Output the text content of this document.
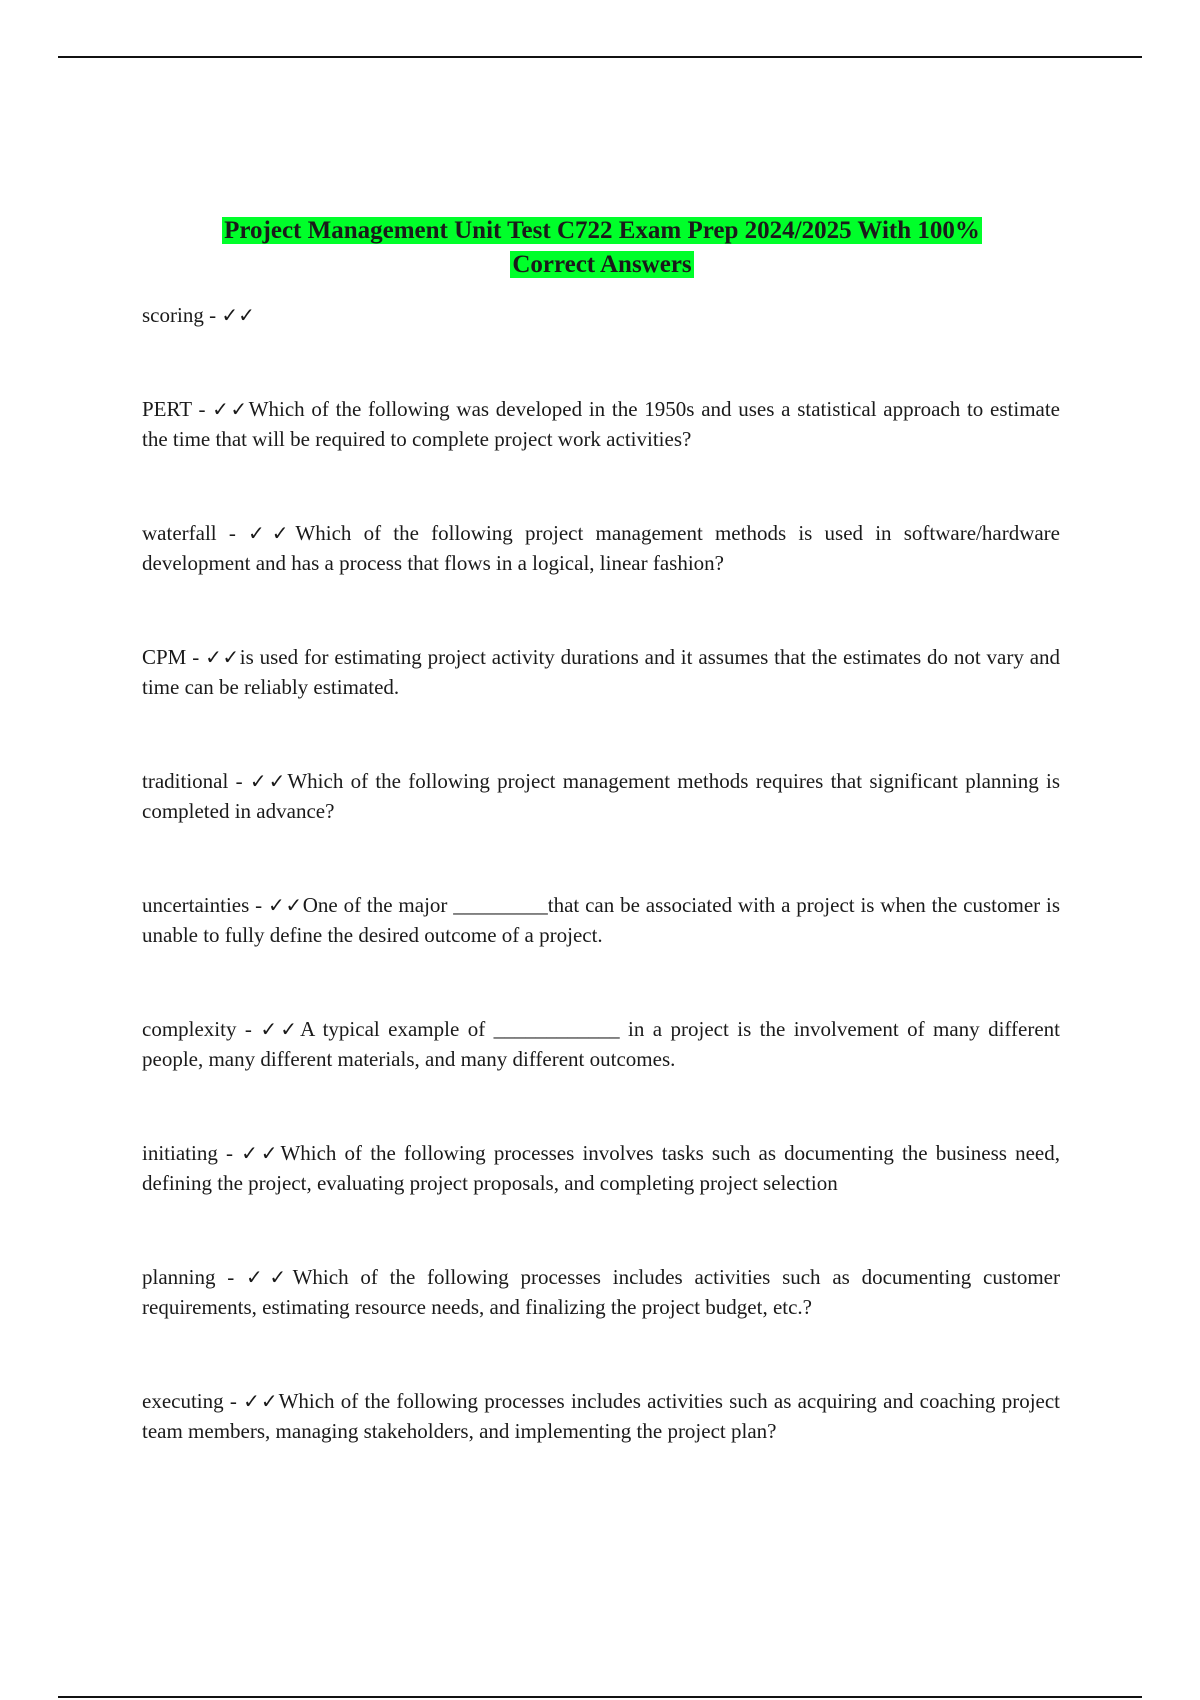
Project Management Unit Test C722 Exam Prep 2024/2025 With 100%
Correct Answers
scoring - ✓✓
PERT - ✓✓Which of the following was developed in the 1950s and uses a statistical approach to estimate the time that will be required to complete project work activities?
waterfall - ✓✓Which of the following project management methods is used in software/hardware development and has a process that flows in a logical, linear fashion?
CPM - ✓✓is used for estimating project activity durations and it assumes that the estimates do not vary and time can be reliably estimated.
traditional - ✓✓Which of the following project management methods requires that significant planning is completed in advance?
uncertainties - ✓✓One of the major _________that can be associated with a project is when the customer is unable to fully define the desired outcome of a project.
complexity - ✓✓A typical example of ____________ in a project is the involvement of many different people, many different materials, and many different outcomes.
initiating - ✓✓Which of the following processes involves tasks such as documenting the business need, defining the project, evaluating project proposals, and completing project selection
planning - ✓✓Which of the following processes includes activities such as documenting customer requirements, estimating resource needs, and finalizing the project budget, etc.?
executing - ✓✓Which of the following processes includes activities such as acquiring and coaching project team members, managing stakeholders, and implementing the project plan?
